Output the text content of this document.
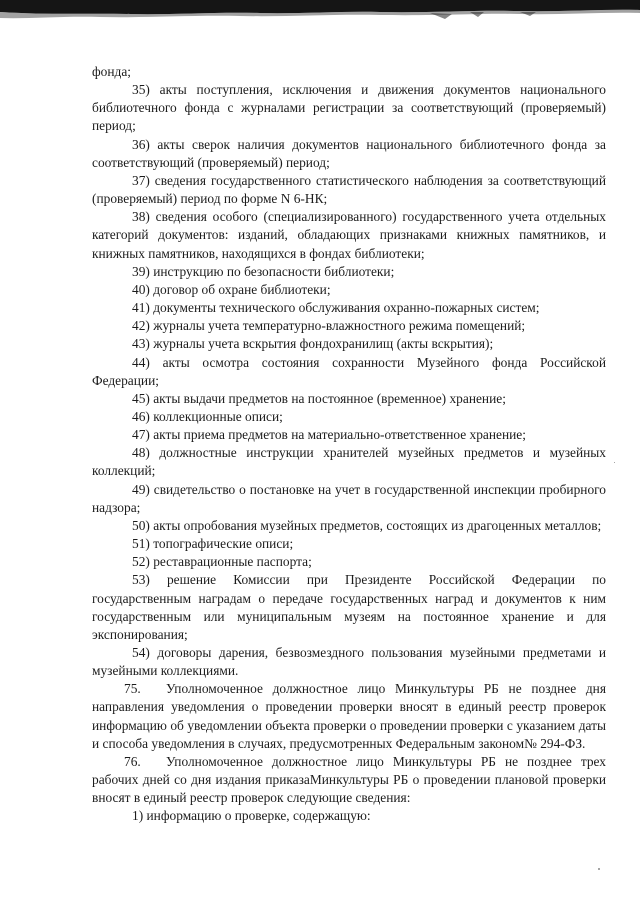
фонда;

35) акты поступления, исключения и движения документов национального библиотечного фонда с журналами регистрации за соответствующий (проверяемый) период;

36) акты сверок наличия документов национального библиотечного фонда за соответствующий (проверяемый) период;

37) сведения государственного статистического наблюдения за соответствующий (проверяемый) период по форме N 6-НК;

38) сведения особого (специализированного) государственного учета отдельных категорий документов: изданий, обладающих признаками книжных памятников, и книжных памятников, находящихся в фондах библиотеки;

39) инструкцию по безопасности библиотеки;

40) договор об охране библиотеки;

41) документы технического обслуживания охранно-пожарных систем;

42) журналы учета температурно-влажностного режима помещений;

43) журналы учета вскрытия фондохранилищ (акты вскрытия);

44) акты осмотра состояния сохранности Музейного фонда Российской Федерации;

45) акты выдачи предметов на постоянное (временное) хранение;

46) коллекционные описи;

47) акты приема предметов на материально-ответственное хранение;

48) должностные инструкции хранителей музейных предметов и музейных коллекций;

49) свидетельство о постановке на учет в государственной инспекции пробирного надзора;

50) акты опробования музейных предметов, состоящих из драгоценных металлов;

51) топографические описи;

52) реставрационные паспорта;

53) решение Комиссии при Президенте Российской Федерации по государственным наградам о передаче государственных наград и документов к ним государственным или муниципальным музеям на постоянное хранение и для экспонирования;

54) договоры дарения, безвозмездного пользования музейными предметами и музейными коллекциями.

75. Уполномоченное должностное лицо Минкультуры РБ не позднее дня направления уведомления о проведении проверки вносят в единый реестр проверок информацию об уведомлении объекта проверки о проведении проверки с указанием даты и способа уведомления в случаях, предусмотренных Федеральным законом№ 294-ФЗ.

76. Уполномоченное должностное лицо Минкультуры РБ не позднее трех рабочих дней со дня издания приказаМинкультуры РБ о проведении плановой проверки вносят в единый реестр проверок следующие сведения:

1) информацию о проверке, содержащую:
